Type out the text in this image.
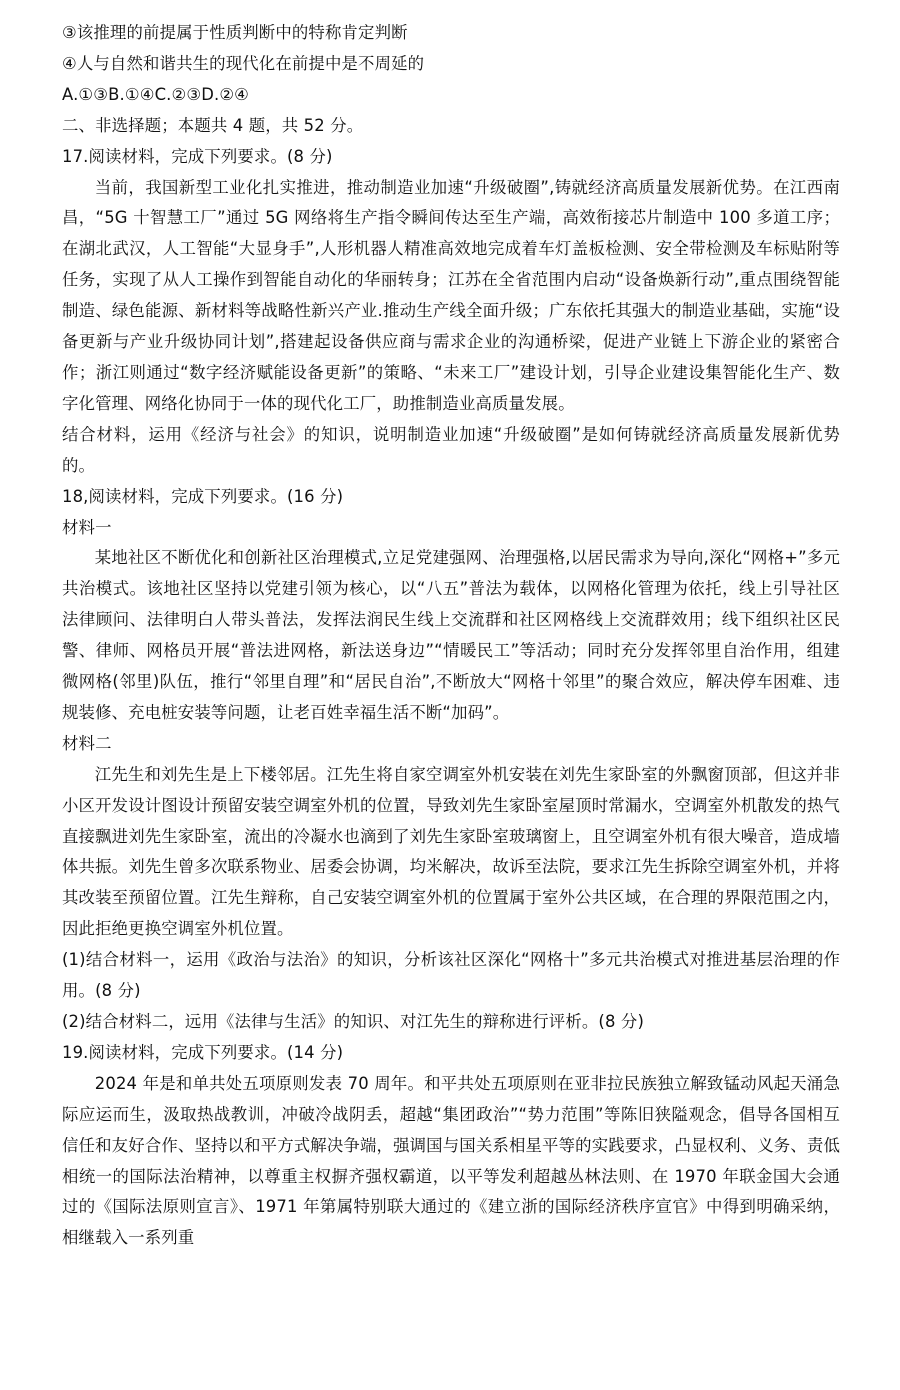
③该推理的前提属于性质判断中的特称肯定判断
④人与自然和谐共生的现代化在前提中是不周延的
A.①③B.①④C.②③D.②④
二、非选择题；本题共 4 题，共 52 分。
17.阅读材料，完成下列要求。(8 分)
当前，我国新型工业化扎实推进，推动制造业加速“升级破圈”,铸就经济高质量发展新优势。在江西南昌，“5G 十智慧工厂”通过 5G 网络将生产指令瞬间传达至生产端，高效衔接芯片制造中 100 多道工序；在湖北武汉，人工智能“大显身手”,人形机器人精准高效地完成着车灯盖板检测、安全带检测及车标贴附等任务，实现了从人工操作到智能自动化的华丽转身；江苏在全省范围内启动“设备焕新行动”,重点围绕智能制造、绿色能源、新材料等战略性新兴产业.推动生产线全面升级；广东依托其强大的制造业基础，实施“设备更新与产业升级协同计划”,搭建起设备供应商与需求企业的沟通桥梁，促进产业链上下游企业的紧密合作；浙江则通过“数字经济赋能设备更新”的策略、“未来工厂”建设计划，引导企业建设集智能化生产、数字化管理、网络化协同于一体的现代化工厂，助推制造业高质量发展。
结合材料，运用《经济与社会》的知识，说明制造业加速“升级破圈”是如何铸就经济高质量发展新优势的。
18,阅读材料，完成下列要求。(16 分)
材料一
某地社区不断优化和创新社区治理模式,立足党建强网、治理强格,以居民需求为导向,深化“网格+”多元共治模式。该地社区坚持以党建引领为核心，以“八五”普法为载体，以网格化管理为依托，线上引导社区法律顾问、法律明白人带头普法，发挥法润民生线上交流群和社区网格线上交流群效用；线下组织社区民警、律师、网格员开展“普法进网格，新法送身边”“情暖民工”等活动；同时充分发挥邻里自治作用，组建微网格(邻里)队伍，推行“邻里自理”和“居民自治”,不断放大“网格十邻里”的聚合效应，解决停车困难、违规装修、充电桩安装等问题，让老百姓幸福生活不断“加码”。
材料二
江先生和刘先生是上下楼邻居。江先生将自家空调室外机安装在刘先生家卧室的外飘窗顶部，但这并非小区开发设计图设计预留安装空调室外机的位置，导致刘先生家卧室屋顶时常漏水，空调室外机散发的热气直接飘进刘先生家卧室，流出的冷凝水也滴到了刘先生家卧室玻璃窗上，且空调室外机有很大噪音，造成墙体共振。刘先生曾多次联系物业、居委会协调，均米解决，故诉至法院，要求江先生拆除空调室外机，并将其改装至预留位置。江先生辩称，自己安装空调室外机的位置属于室外公共区域，在合理的界限范围之内，因此拒绝更换空调室外机位置。
(1)结合材料一，运用《政治与法治》的知识，分析该社区深化“网格十”多元共治模式对推进基层治理的作用。(8 分)
(2)结合材料二，远用《法律与生活》的知识、对江先生的辩称进行评析。(8 分)
19.阅读材料，完成下列要求。(14 分)
2024 年是和单共处五项原则发表 70 周年。和平共处五项原则在亚非拉民族独立解致锰动风起天涌急际应运而生，汲取热战教训，冲破冷战阴丢，超越“集团政治”“势力范围”等陈旧狭隘观念，倡导各国相互信任和友好合作、坚持以和平方式解决争端，强调国与国关系相星平等的实践要求，凸显权利、义务、责低相统一的国际法治精神，以尊重主权摒齐强权霸道，以平等发利超越丛林法则、在 1970 年联金国大会通过的《国际法原则宣言》、1971 年第属特别联大通过的《建立浙的国际经济秩序宣官》中得到明确采纳，相继载入一系列重
